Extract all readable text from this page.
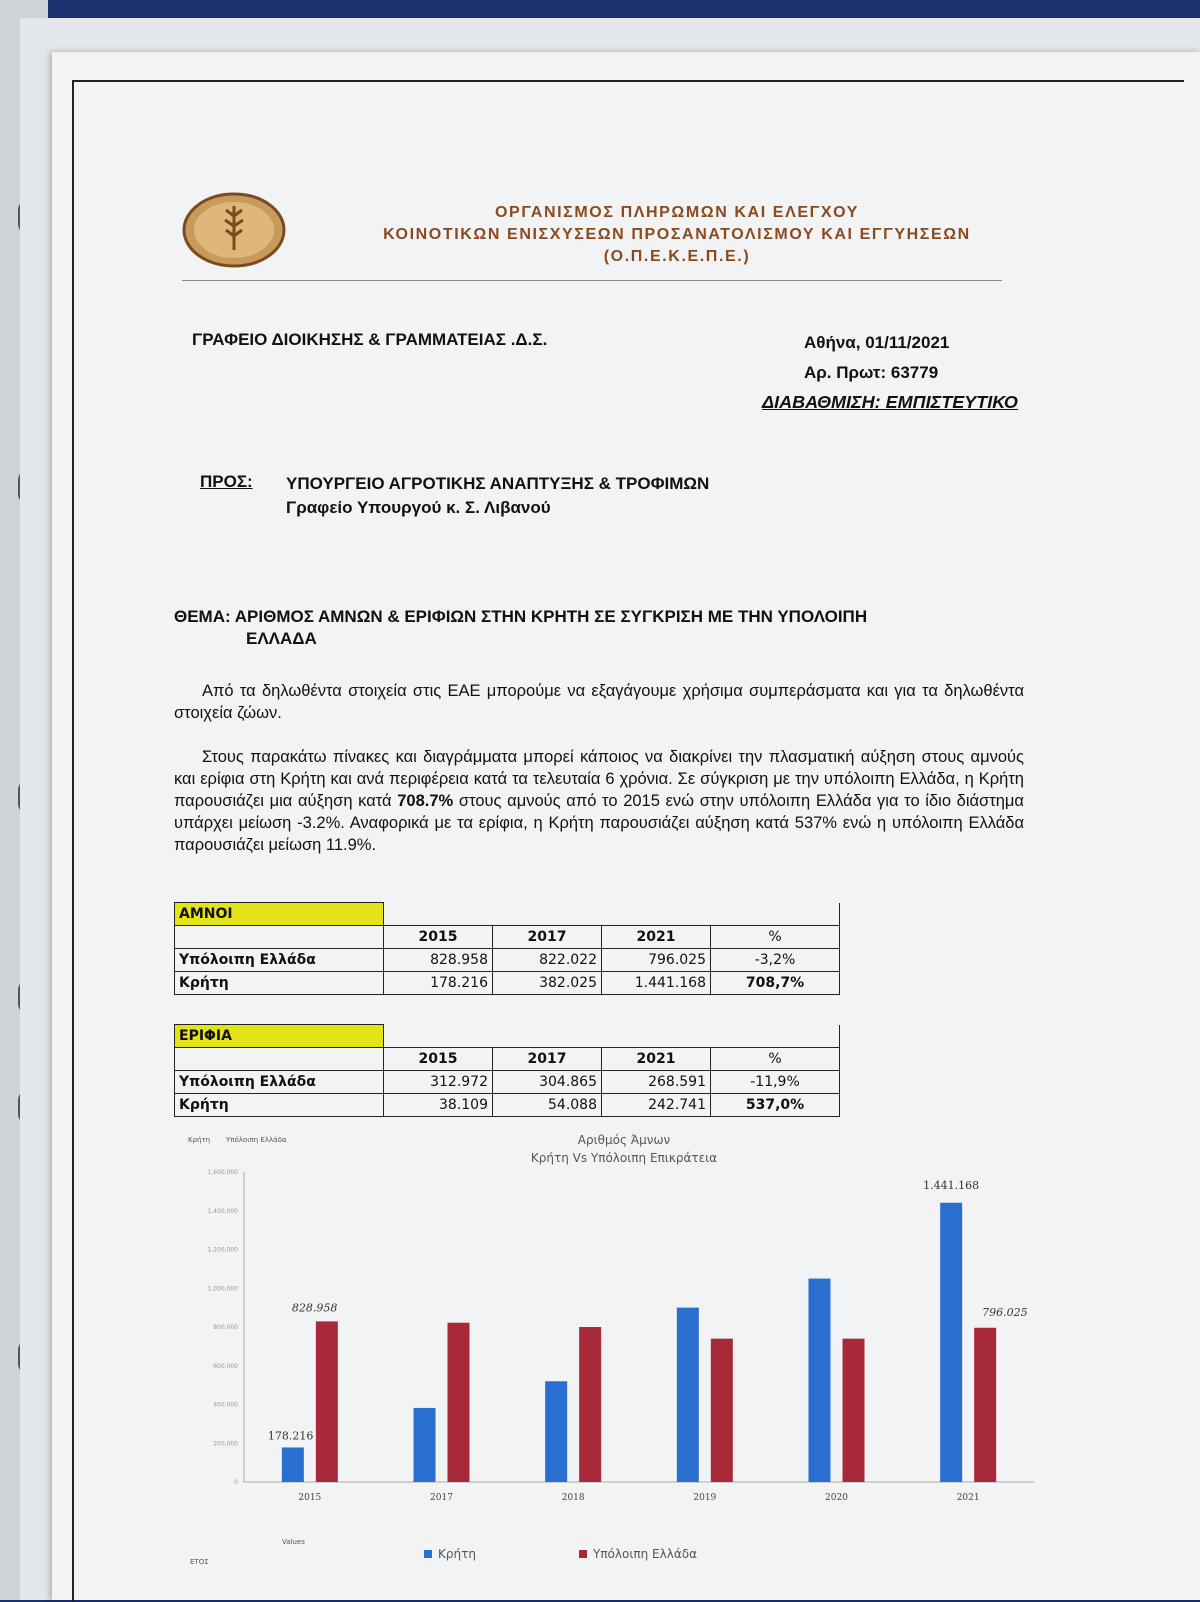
ΟΡΓΑΝΙΣΜΟΣ ΠΛΗΡΩΜΩΝ ΚΑΙ ΕΛΕΓΧΟΥ
ΚΟΙΝΟΤΙΚΩΝ ΕΝΙΣΧΥΣΕΩΝ ΠΡΟΣΑΝΑΤΟΛΙΣΜΟΥ ΚΑΙ ΕΓΓΥΗΣΕΩΝ
(Ο.Π.Ε.Κ.Ε.Π.Ε.)
ΓΡΑΦΕΙΟ ΔΙΟΙΚΗΣΗΣ & ΓΡΑΜΜΑΤΕΙΑΣ .Δ.Σ.	Αθήνα, 01/11/2021
Αρ. Πρωτ: 63779
ΔΙΑΒΑΘΜΙΣΗ: ΕΜΠΙΣΤΕΥΤΙΚΟ
ΠΡΟΣ: ΥΠΟΥΡΓΕΙΟ ΑΓΡΟΤΙΚΗΣ ΑΝΑΠΤΥΞΗΣ & ΤΡΟΦΙΜΩΝ
Γραφείο Υπουργού κ. Σ. Λιβανού
ΘΕΜΑ: ΑΡΙΘΜΟΣ ΑΜΝΩΝ & ΕΡΙΦΙΩΝ ΣΤΗΝ ΚΡΗΤΗ ΣΕ ΣΥΓΚΡΙΣΗ ΜΕ ΤΗΝ ΥΠΟΛΟΙΠΗ
ΕΛΛΑΔΑ
Από τα δηλωθέντα στοιχεία στις ΕΑΕ μπορούμε να εξαγάγουμε χρήσιμα συμπεράσματα και για τα δηλωθέντα στοιχεία ζώων.
Στους παρακάτω πίνακες και διαγράμματα μπορεί κάποιος να διακρίνει την πλασματική αύξηση στους αμνούς και ερίφια στη Κρήτη και ανά περιφέρεια κατά τα τελευταία 6 χρόνια. Σε σύγκριση με την υπόλοιπη Ελλάδα, η Κρήτη παρουσιάζει μια αύξηση κατά 708.7% στους αμνούς από το 2015 ενώ στην υπόλοιπη Ελλάδα για το ίδιο διάστημα υπάρχει μείωση -3.2%. Αναφορικά με τα ερίφια, η Κρήτη παρουσιάζει αύξηση κατά 537% ενώ η υπόλοιπη Ελλάδα παρουσιάζει μείωση 11.9%.
ΑΜΝΟΙ				
	2015	2017	2021	%
Υπόλοιπη Ελλάδα	828.958	822.022	796.025	-3,2%
Κρήτη	178.216	382.025	1.441.168	708,7%
ΕΡΙΦΙΑ				
	2015	2017	2021	%
Υπόλοιπη Ελλάδα	312.972	304.865	268.591	-11,9%
Κρήτη	38.109	54.088	242.741	537,0%
Κρήτη Υπόλοιπη Ελλάδα	Αριθμός Άμνων
Κρήτη Vs Υπόλοιπη Επικράτεια
Values
ΕΤΟΣ
0
200,000
400,000
600,000
800,000
1,000,000
1,200,000
1,400,000
1,600,000
2015	2017	2018	2019	2020	2021
178.216
828.958
1.441.168
796.025
Κρήτη	Υπόλοιπη Ελλάδα
